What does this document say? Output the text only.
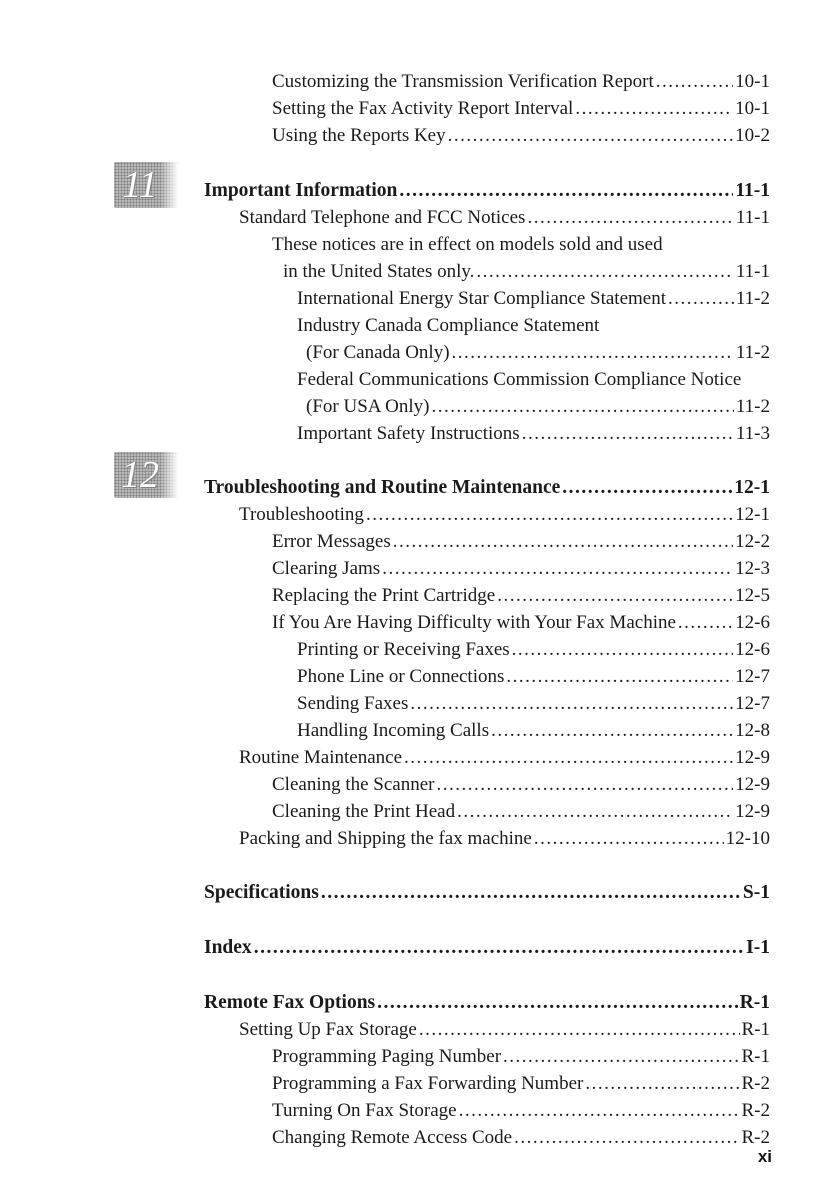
11
12
Customizing the Transmission Verification Report .....	10-1
Setting the Fax Activity Report Interval .....	10-1
Using the Reports Key .....	10-2
Important Information .....	11-1
Standard Telephone and FCC Notices .....	11-1
These notices are in effect on models sold and used
in the United States only. .....	11-1
International Energy Star Compliance Statement .....	11-2
Industry Canada Compliance Statement
(For Canada Only) .....	11-2
Federal Communications Commission Compliance Notice
(For USA Only) .....	11-2
Important Safety Instructions .....	11-3
Troubleshooting and Routine Maintenance .....	12-1
Troubleshooting .....	12-1
Error Messages .....	12-2
Clearing Jams .....	12-3
Replacing the Print Cartridge .....	12-5
If You Are Having Difficulty with Your Fax Machine .....	12-6
Printing or Receiving Faxes .....	12-6
Phone Line or Connections .....	12-7
Sending Faxes .....	12-7
Handling Incoming Calls .....	12-8
Routine Maintenance .....	12-9
Cleaning the Scanner .....	12-9
Cleaning the Print Head .....	12-9
Packing and Shipping the fax machine .....	12-10
Specifications .....	S-1
Index .....	I-1
Remote Fax Options .....	R-1
Setting Up Fax Storage .....	R-1
Programming Paging Number .....	R-1
Programming a Fax Forwarding Number .....	R-2
Turning On Fax Storage .....	R-2
Changing Remote Access Code .....	R-2
xi
